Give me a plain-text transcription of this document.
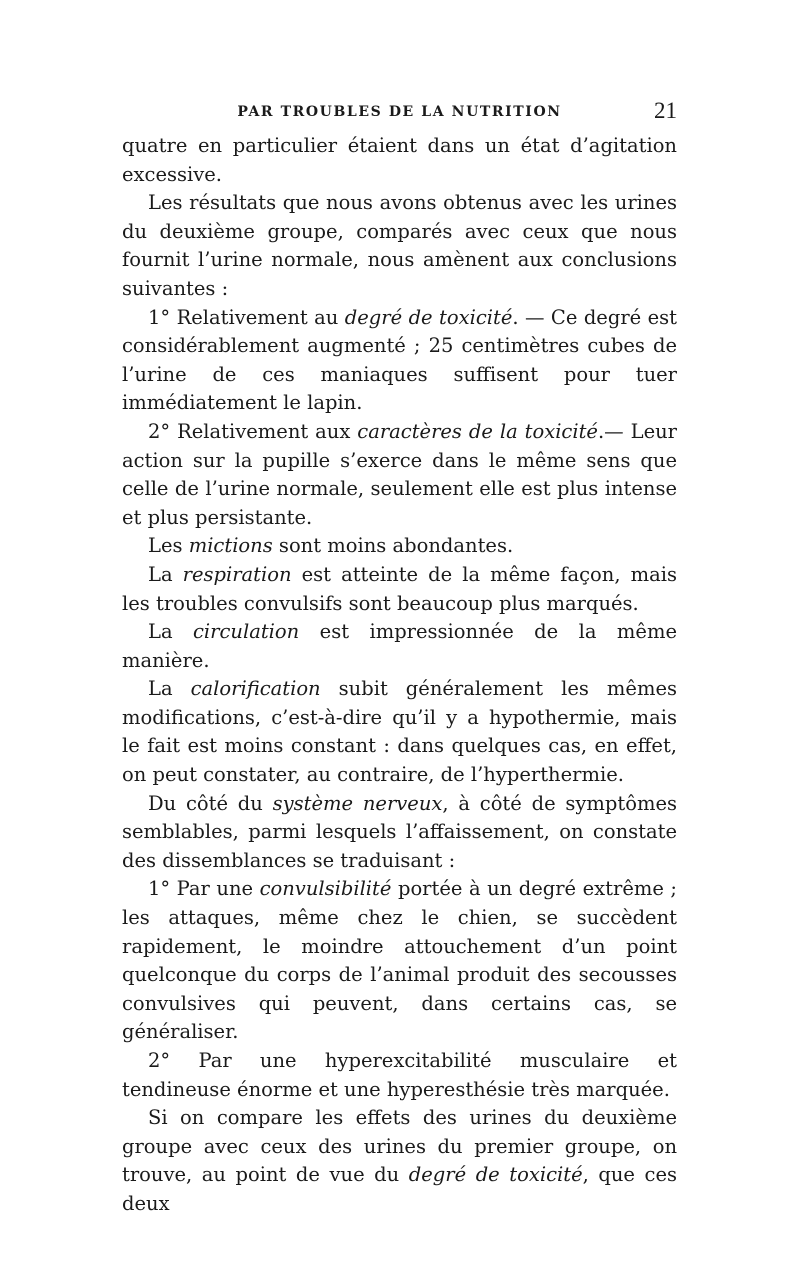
PAR TROUBLES DE LA NUTRITION	21

quatre en particulier étaient dans un état d’agitation excessive.

Les résultats que nous avons obtenus avec les urines du deuxième groupe, comparés avec ceux que nous fournit l’urine normale, nous amènent aux conclusions suivantes :

1° Relativement au degré de toxicité. — Ce degré est considérablement augmenté ; 25 centimètres cubes de l’urine de ces maniaques suffisent pour tuer immédiatement le lapin.

2° Relativement aux caractères de la toxicité.— Leur action sur la pupille s’exerce dans le même sens que celle de l’urine normale, seulement elle est plus intense et plus persistante.

Les mictions sont moins abondantes.

La respiration est atteinte de la même façon, mais les troubles convulsifs sont beaucoup plus marqués.

La circulation est impressionnée de la même manière.

La calorification subit généralement les mêmes modifications, c’est-à-dire qu’il y a hypothermie, mais le fait est moins constant : dans quelques cas, en effet, on peut constater, au contraire, de l’hyperthermie.

Du côté du système nerveux, à côté de symptômes semblables, parmi lesquels l’affaissement, on constate des dissemblances se traduisant :

1° Par une convulsibilité portée à un degré extrême ; les attaques, même chez le chien, se succèdent rapidement, le moindre attouchement d’un point quelconque du corps de l’animal produit des secousses convulsives qui peuvent, dans certains cas, se généraliser.

2° Par une hyperexcitabilité musculaire et tendineuse énorme et une hyperesthésie très marquée.

Si on compare les effets des urines du deuxième groupe avec ceux des urines du premier groupe, on trouve, au point de vue du degré de toxicité, que ces deux
